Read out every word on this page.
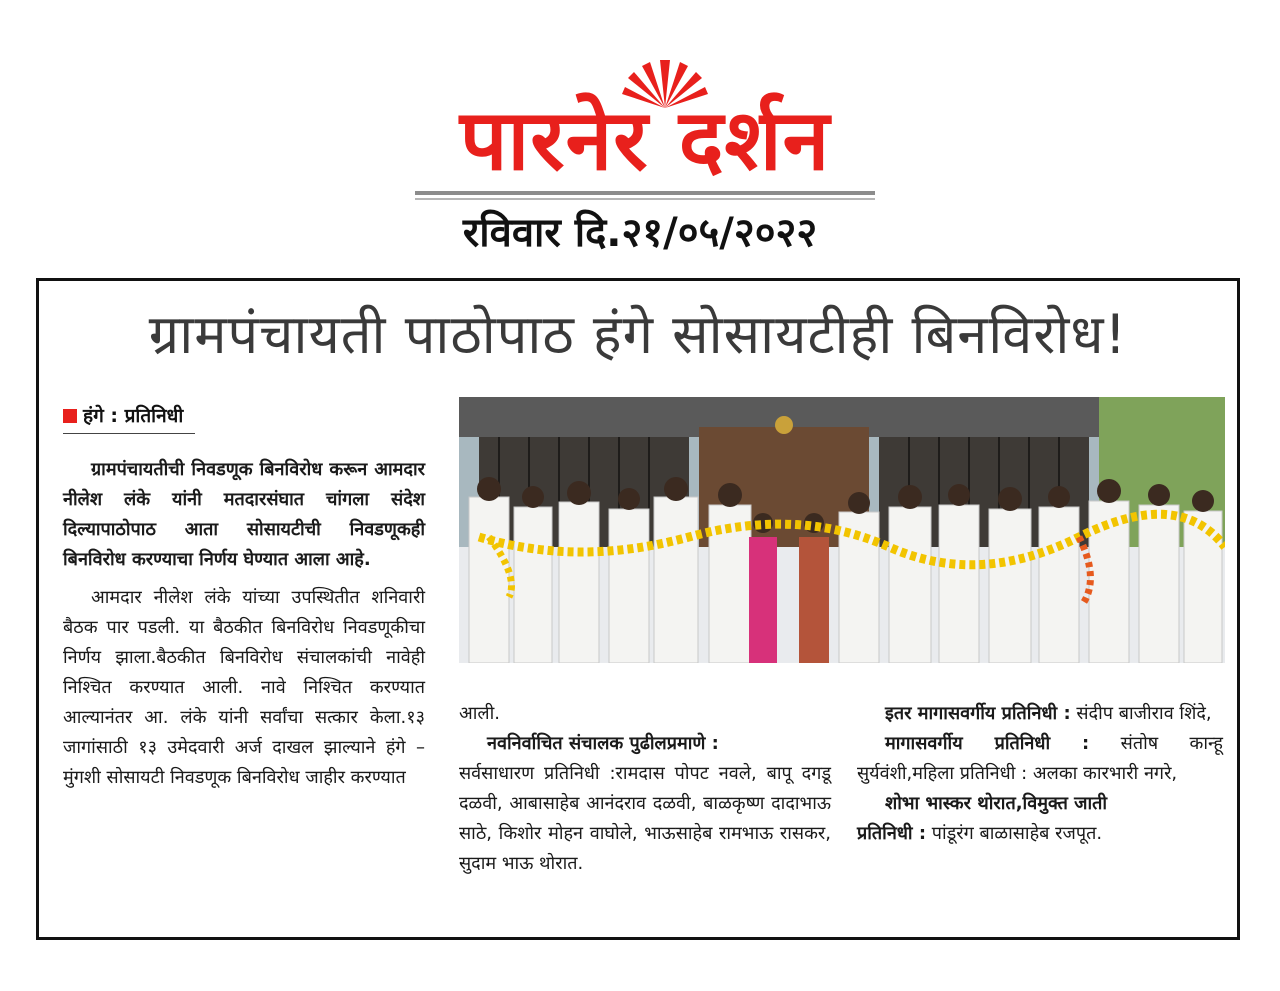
पारनेर दर्शन
रविवार दि.२१/०५/२०२२
ग्रामपंचायती पाठोपाठ हंगे सोसायटीही बिनविरोध!
हंगे : प्रतिनिधी

ग्रामपंचायतीची निवडणूक बिनविरोध करून आमदार नीलेश लंके यांनी मतदारसंघात चांगला संदेश दिल्यापाठोपाठ आता सोसायटीची निवडणूकही बिनविरोध करण्याचा निर्णय घेण्यात आला आहे.

आमदार नीलेश लंके यांच्या उपस्थितीत शनिवारी बैठक पार पडली. या बैठकीत बिनविरोध निवडणूकीचा निर्णय झाला.बैठकीत बिनविरोध संचालकांची नावेही निश्चित करण्यात आली. नावे निश्चित करण्यात आल्यानंतर आ. लंके यांनी सर्वांचा सत्कार केला.१३ जागांसाठी १३ उमेदवारी अर्ज दाखल झाल्याने हंगे –मुंगशी सोसायटी निवडणूक बिनविरोध जाहीर करण्यात

आली.

नवनिर्वाचित संचालक पुढीलप्रमाणे :

सर्वसाधारण प्रतिनिधी :रामदास पोपट नवले, बापू दगडू दळवी, आबासाहेब आनंदराव दळवी, बाळकृष्ण दादाभाऊ साठे, किशोर मोहन वाघोले, भाऊसाहेब रामभाऊ रासकर, सुदाम भाऊ थोरात.

इतर मागासवर्गीय प्रतिनिधी : संदीप बाजीराव शिंदे,

मागासवर्गीय प्रतिनिधी : संतोष कान्हू सुर्यवंशी,महिला प्रतिनिधी : अलका कारभारी नगरे,

शोभा भास्कर थोरात,विमुक्त जाती

प्रतिनिधी : पांडूरंग बाळासाहेब रजपूत.
